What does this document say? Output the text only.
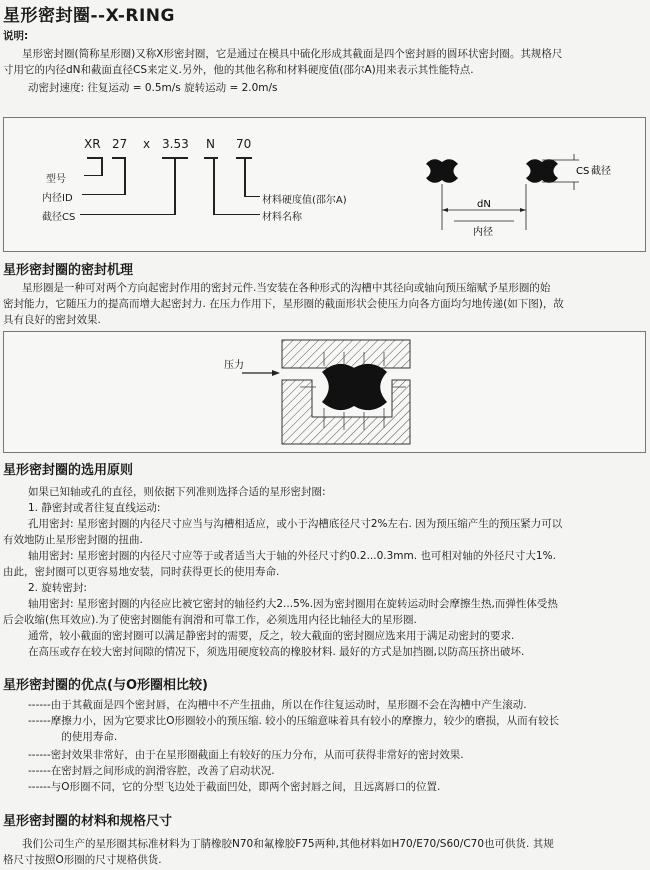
星形密封圈--X-RING
说明:
星形密封圈(简称星形圈)又称X形密封圈，它是通过在模具中硫化形成其截面是四个密封唇的圆环状密封圈。其规格尺
寸用它的内径dN和截面直径CS来定义.另外，他的其他名称和材料硬度值(邵尔A)用来表示其性能特点.
动密封速度: 往复运动 = 0.5m/s 旋转运动 = 2.0m/s
XR 27 x 3.53 N 70
型号
内径ID
截径CS
材料硬度值(邵尔A)
材料名称
CS 截径
dN
内径
星形密封圈的密封机理
星形圈是一种可对两个方向起密封作用的密封元件.当安装在各种形式的沟槽中其径向或轴向预压缩赋予星形圈的始
密封能力，它随压力的提高而增大起密封力. 在压力作用下，星形圈的截面形状会使压力向各方面均匀地传递(如下图)，故
具有良好的密封效果.
压力
星形密封圈的选用原则
如果已知轴或孔的直径，则依据下列准则选择合适的星形密封圈:
1. 静密封或者往复直线运动:
孔用密封: 星形密封圈的内径尺寸应当与沟槽相适应，或小于沟槽底径尺寸2%左右. 因为预压缩产生的预压紧力可以
有效地防止星形密封圈的扭曲.
轴用密封: 星形密封圈的内径尺寸应等于或者适当大于轴的外径尺寸约0.2...0.3mm. 也可相对轴的外径尺寸大1%.
由此，密封圈可以更容易地安装，同时获得更长的使用寿命.
2. 旋转密封:
轴用密封: 星形密封圈的内径应比被它密封的轴径约大2...5%.因为密封圈用在旋转运动时会摩擦生热,而弹性体受热
后会收缩(焦耳效应).为了使密封圈能有润滑和可靠工作，必须选用内径比轴径大的星形圈.
通常，较小截面的密封圈可以满足静密封的需要，反之，较大截面的密封圈应选来用于满足动密封的要求.
在高压或存在较大密封间隙的情况下，须选用硬度较高的橡胶材料. 最好的方式是加挡圈,以防高压挤出破坏.
星形密封圈的优点(与O形圈相比较)
------由于其截面是四个密封唇，在沟槽中不产生扭曲，所以在作往复运动时，星形圈不会在沟槽中产生滚动.
------摩擦力小，因为它要求比O形圈较小的预压缩. 较小的压缩意味着具有较小的摩擦力，较少的磨损，从而有较长
的使用寿命.
------密封效果非常好，由于在星形圈截面上有较好的压力分布，从而可获得非常好的密封效果.
------在密封唇之间形成的润滑容腔，改善了启动状况.
------与O形圈不同，它的分型飞边处于截面凹处，即两个密封唇之间，且远离唇口的位置.
星形密封圈的材料和规格尺寸
我们公司生产的星形圈其标准材料为丁腈橡胶N70和氟橡胶F75两种,其他材料如H70/E70/S60/C70也可供货. 其规
格尺寸按照O形圈的尺寸规格供货.
